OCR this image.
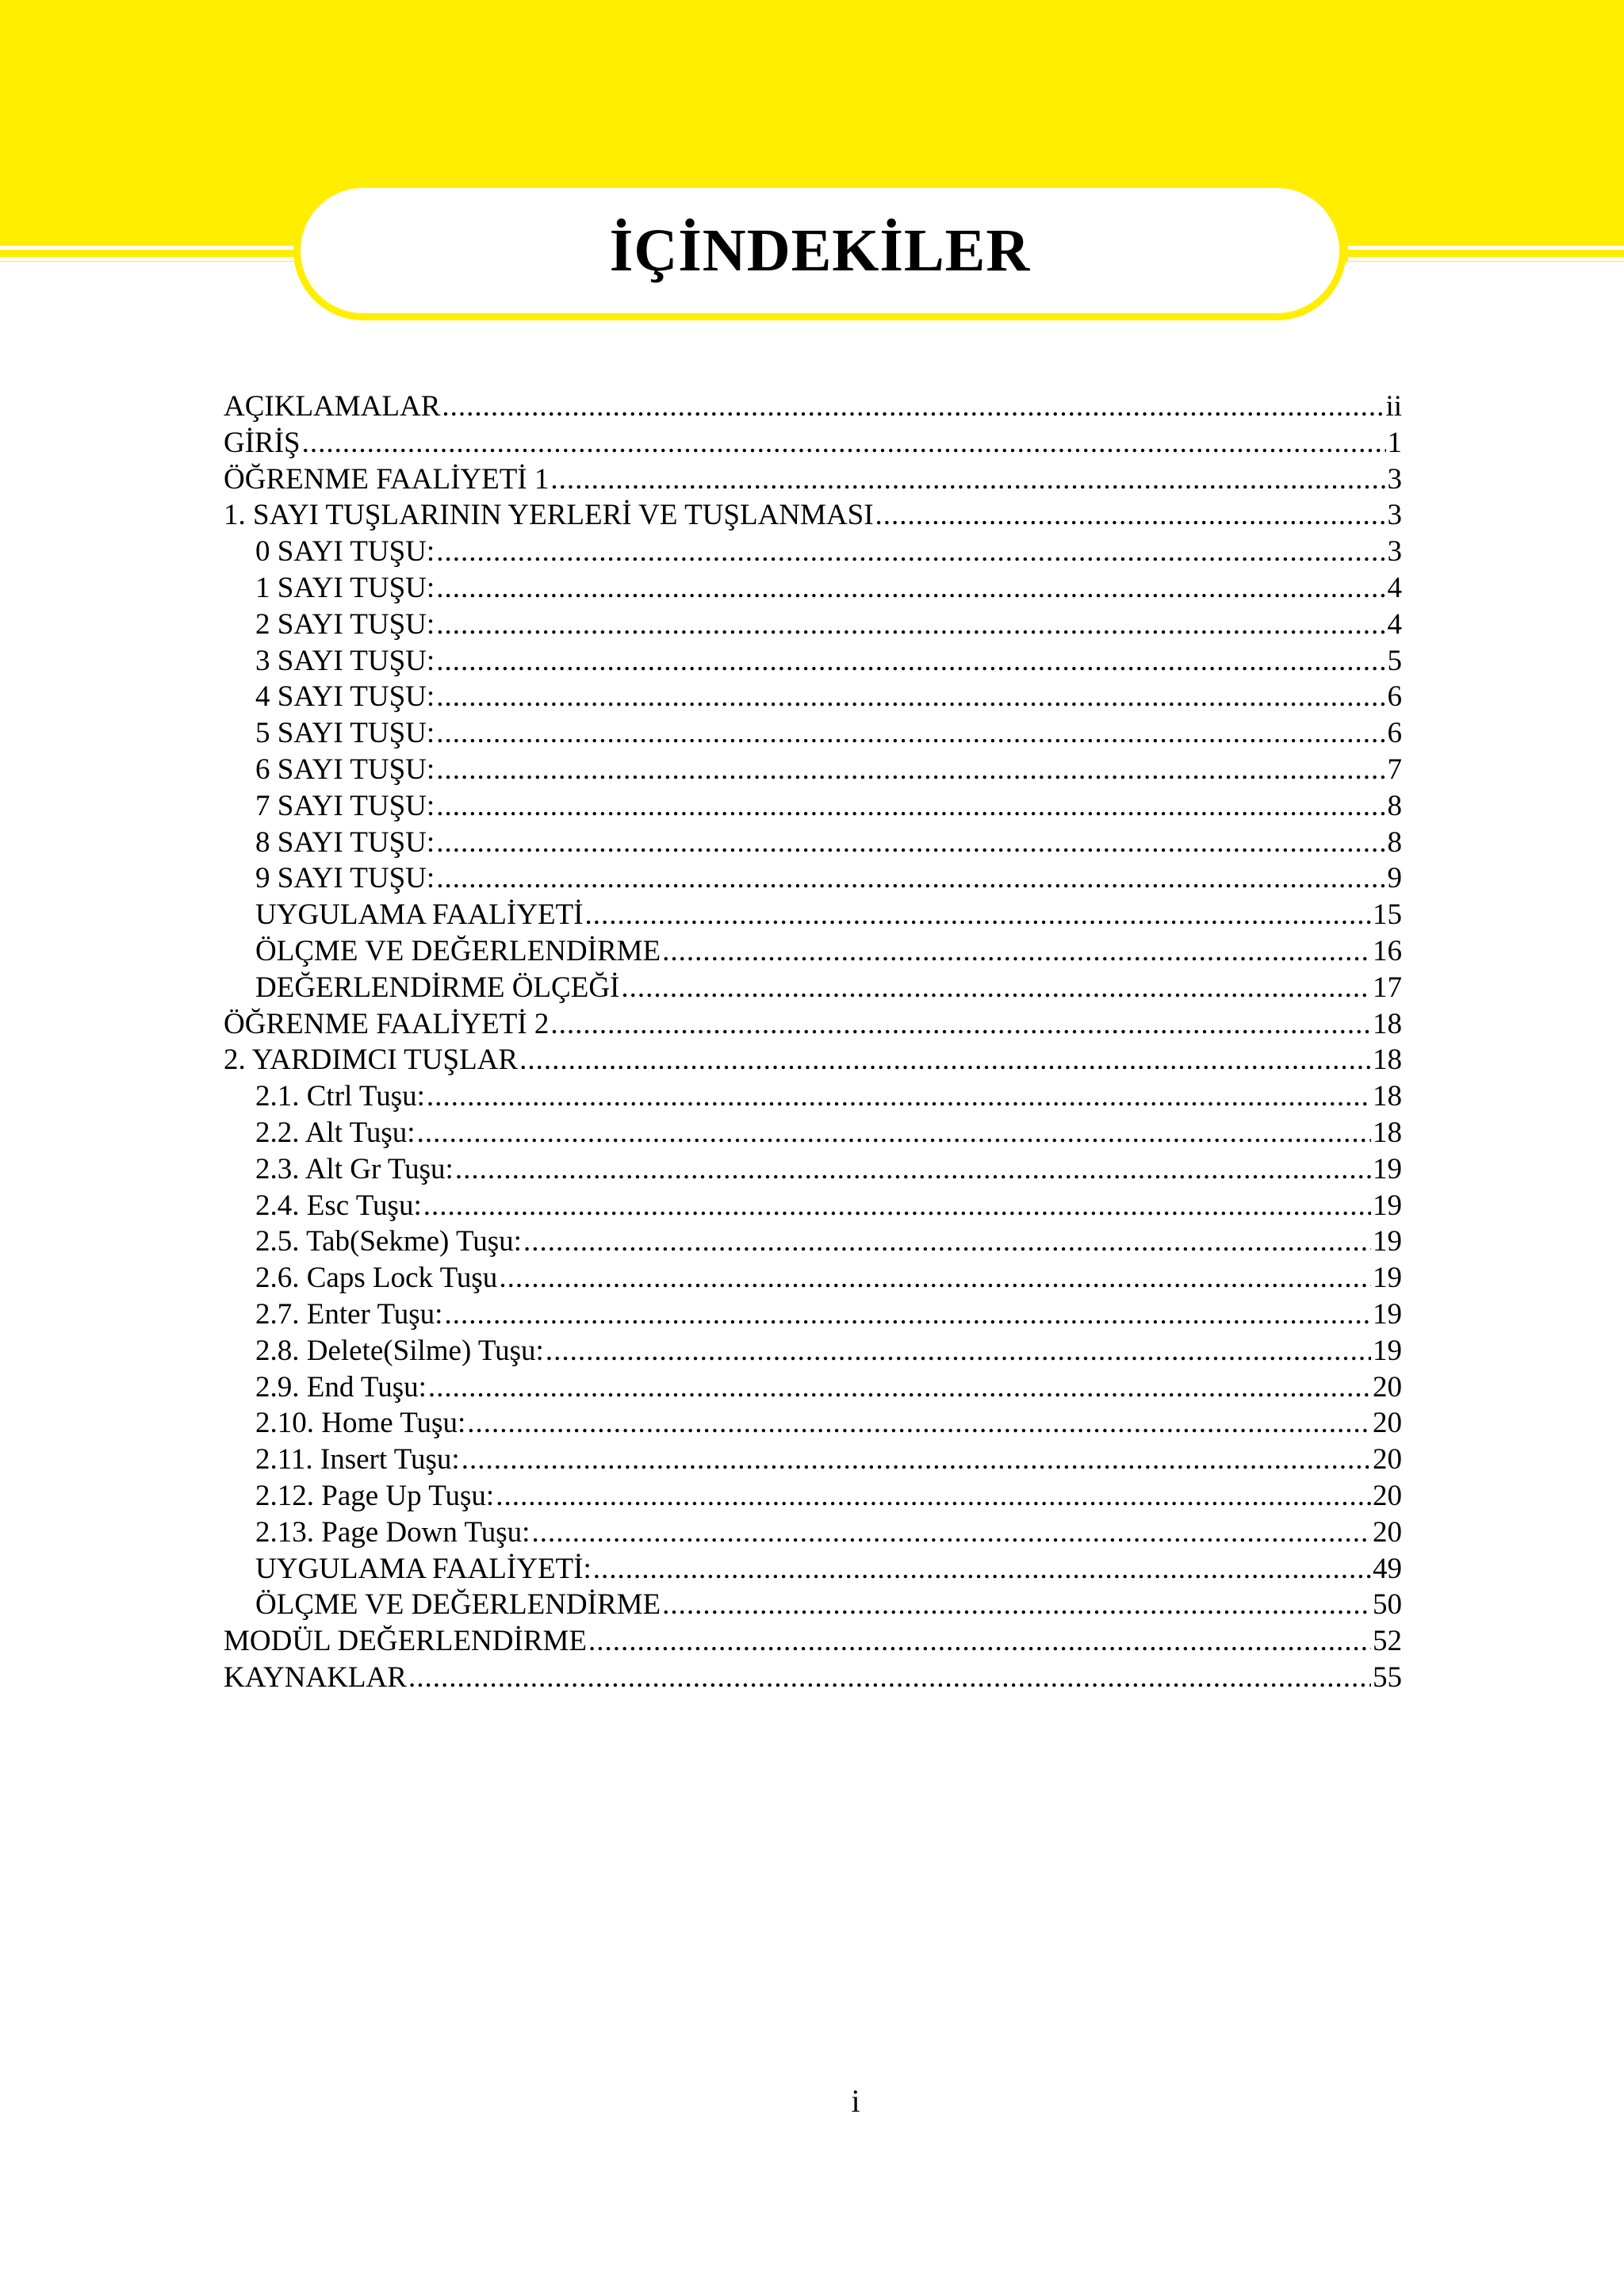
İÇİNDEKİLER
AÇIKLAMALAR .....	ii
GİRİŞ .....	1
ÖĞRENME FAALİYETİ 1 .....	3
1. SAYI TUŞLARININ YERLERİ VE TUŞLANMASI .....	3
0 SAYI TUŞU: .....	3
1 SAYI TUŞU: .....	4
2 SAYI TUŞU: .....	4
3 SAYI TUŞU: .....	5
4 SAYI TUŞU: .....	6
5 SAYI TUŞU: .....	6
6 SAYI TUŞU: .....	7
7 SAYI TUŞU: .....	8
8 SAYI TUŞU: .....	8
9 SAYI TUŞU: .....	9
UYGULAMA FAALİYETİ .....	15
ÖLÇME VE DEĞERLENDİRME .....	16
DEĞERLENDİRME ÖLÇEĞİ .....	17
ÖĞRENME FAALİYETİ 2 .....	18
2. YARDIMCI TUŞLAR .....	18
2.1. Ctrl Tuşu: .....	18
2.2. Alt Tuşu: .....	18
2.3. Alt Gr Tuşu: .....	19
2.4. Esc Tuşu: .....	19
2.5. Tab(Sekme) Tuşu: .....	19
2.6. Caps Lock Tuşu .....	19
2.7. Enter Tuşu: .....	19
2.8. Delete(Silme) Tuşu: .....	19
2.9. End Tuşu: .....	20
2.10. Home Tuşu: .....	20
2.11. Insert Tuşu: .....	20
2.12. Page Up Tuşu: .....	20
2.13. Page Down Tuşu: .....	20
UYGULAMA FAALİYETİ: .....	49
ÖLÇME VE DEĞERLENDİRME .....	50
MODÜL DEĞERLENDİRME .....	52
KAYNAKLAR .....	55
i
